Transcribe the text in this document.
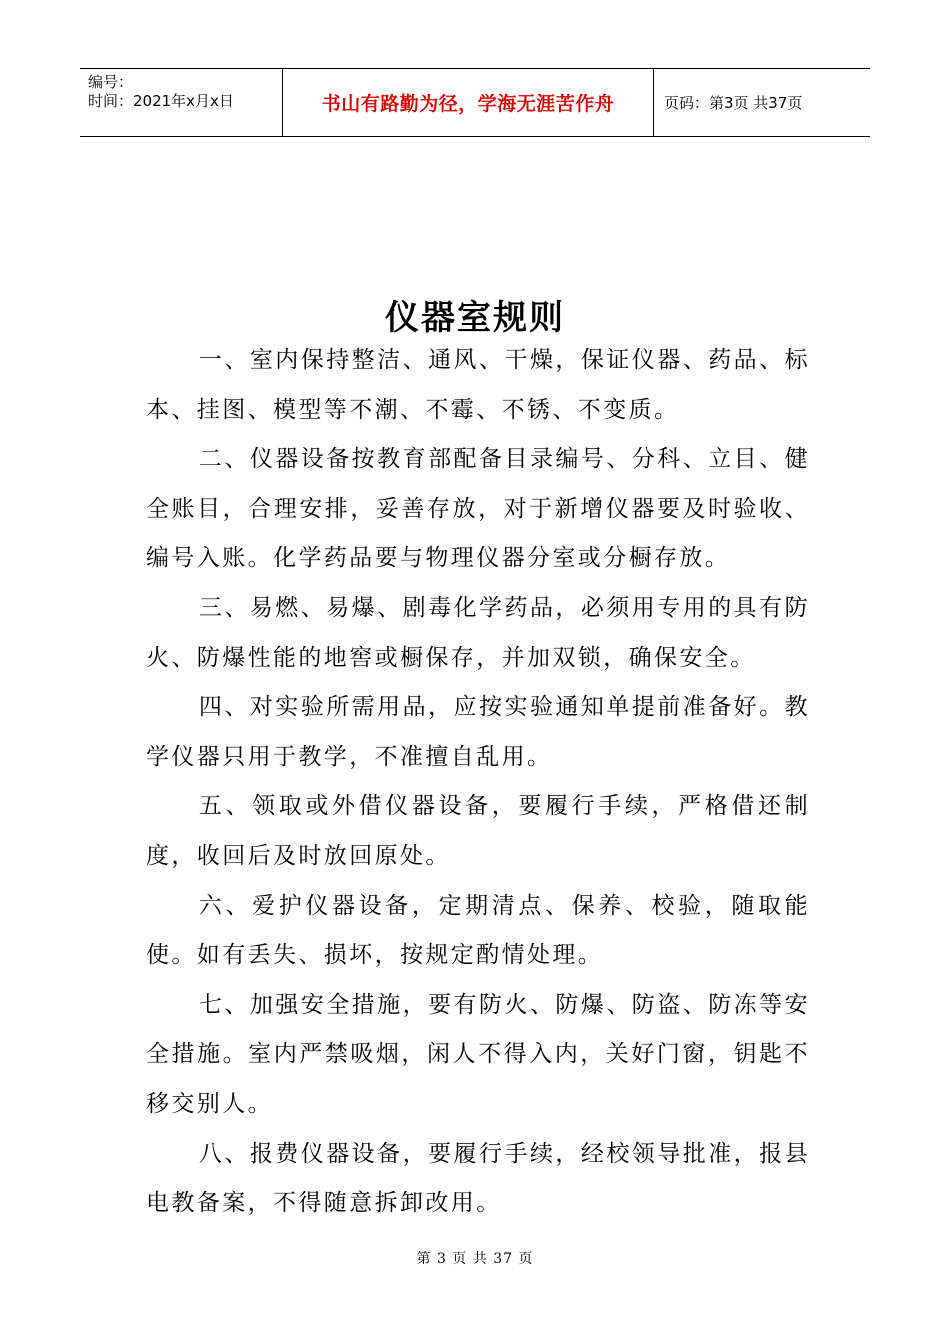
编号：
时间：2021年x月x日	书山有路勤为径，学海无涯苦作舟	页码：第3页 共37页
仪器室规则

一、室内保持整洁、通风、干燥，保证仪器、药品、标本、挂图、模型等不潮、不霉、不锈、不变质。

二、仪器设备按教育部配备目录编号、分科、立目、健全账目，合理安排，妥善存放，对于新增仪器要及时验收、编号入账。化学药品要与物理仪器分室或分橱存放。

三、易燃、易爆、剧毒化学药品，必须用专用的具有防火、防爆性能的地窖或橱保存，并加双锁，确保安全。

四、对实验所需用品，应按实验通知单提前准备好。教学仪器只用于教学，不准擅自乱用。

五、领取或外借仪器设备，要履行手续，严格借还制度，收回后及时放回原处。

六、爱护仪器设备，定期清点、保养、校验，随取能使。如有丢失、损坏，按规定酌情处理。

七、加强安全措施，要有防火、防爆、防盗、防冻等安全措施。室内严禁吸烟，闲人不得入内，关好门窗，钥匙不移交别人。

八、报费仪器设备，要履行手续，经校领导批准，报县电教备案，不得随意拆卸改用。

第 3 页 共 37 页
